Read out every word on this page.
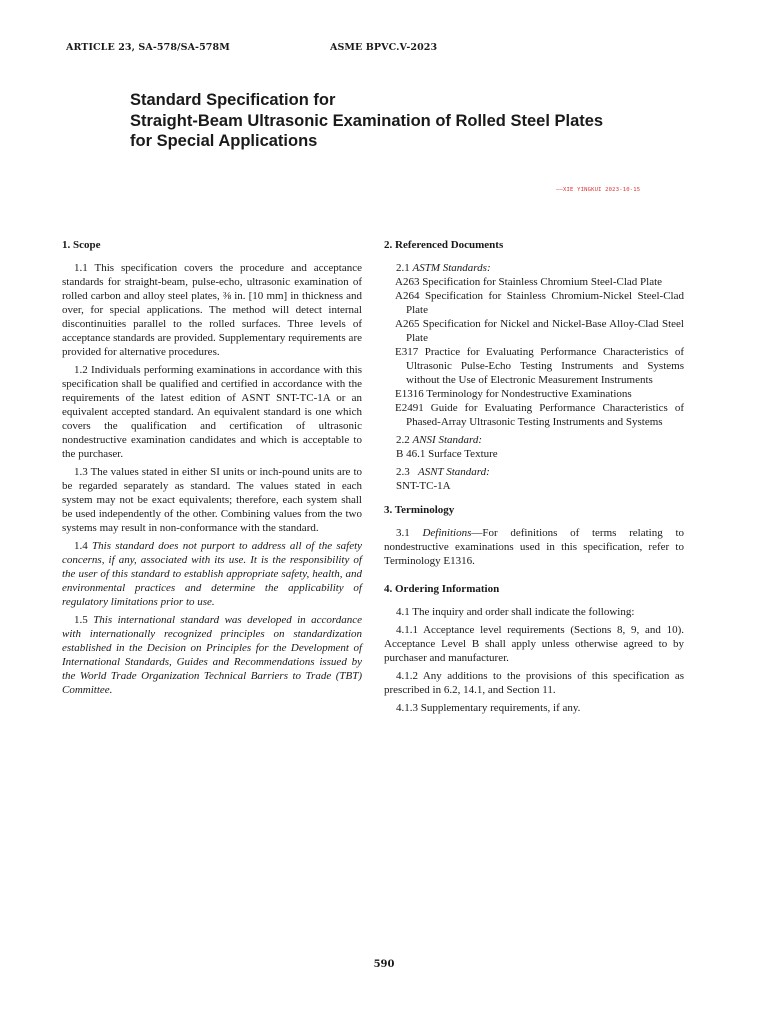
ARTICLE 23, SA-578/SA-578M	ASME BPVC.V-2023
Standard Specification for
Straight-Beam Ultrasonic Examination of Rolled Steel Plates
for Special Applications
——XIE YINGKUI 2023-10-15
1. Scope

1.1 This specification covers the procedure and acceptance standards for straight-beam, pulse-echo, ultrasonic examination of rolled carbon and alloy steel plates, ⅜ in. [10 mm] in thickness and over, for special applications. The method will detect internal discontinuities parallel to the rolled surfaces. Three levels of acceptance standards are provided. Supplementary requirements are provided for alternative procedures.

1.2 Individuals performing examinations in accordance with this specification shall be qualified and certified in accordance with the requirements of the latest edition of ASNT SNT-TC-1A or an equivalent accepted standard. An equivalent standard is one which covers the qualification and certification of ultrasonic nondestructive examination candidates and which is acceptable to the purchaser.

1.3 The values stated in either SI units or inch-pound units are to be regarded separately as standard. The values stated in each system may not be exact equivalents; therefore, each system shall be used independently of the other. Combining values from the two systems may result in non-conformance with the standard.

1.4 This standard does not purport to address all of the safety concerns, if any, associated with its use. It is the responsibility of the user of this standard to establish appropriate safety, health, and environmental practices and determine the applicability of regulatory limitations prior to use.

1.5 This international standard was developed in accordance with internationally recognized principles on standardization established in the Decision on Principles for the Development of International Standards, Guides and Recommendations issued by the World Trade Organization Technical Barriers to Trade (TBT) Committee.

2. Referenced Documents
2.1 ASTM Standards:
A263 Specification for Stainless Chromium Steel-Clad Plate
A264 Specification for Stainless Chromium-Nickel Steel-Clad Plate
A265 Specification for Nickel and Nickel-Base Alloy-Clad Steel Plate
E317 Practice for Evaluating Performance Characteristics of Ultrasonic Pulse-Echo Testing Instruments and Systems without the Use of Electronic Measurement Instruments
E1316 Terminology for Nondestructive Examinations
E2491 Guide for Evaluating Performance Characteristics of Phased-Array Ultrasonic Testing Instruments and Systems
2.2 ANSI Standard:
B 46.1 Surface Texture
2.3   ASNT Standard:
SNT-TC-1A
3. Terminology

3.1 Definitions—For definitions of terms relating to nondestructive examinations used in this specification, refer to Terminology E1316.

4. Ordering Information

4.1 The inquiry and order shall indicate the following:

4.1.1 Acceptance level requirements (Sections 8, 9, and 10). Acceptance Level B shall apply unless otherwise agreed to by purchaser and manufacturer.

4.1.2 Any additions to the provisions of this specification as prescribed in 6.2, 14.1, and Section 11.

4.1.3 Supplementary requirements, if any.

590
